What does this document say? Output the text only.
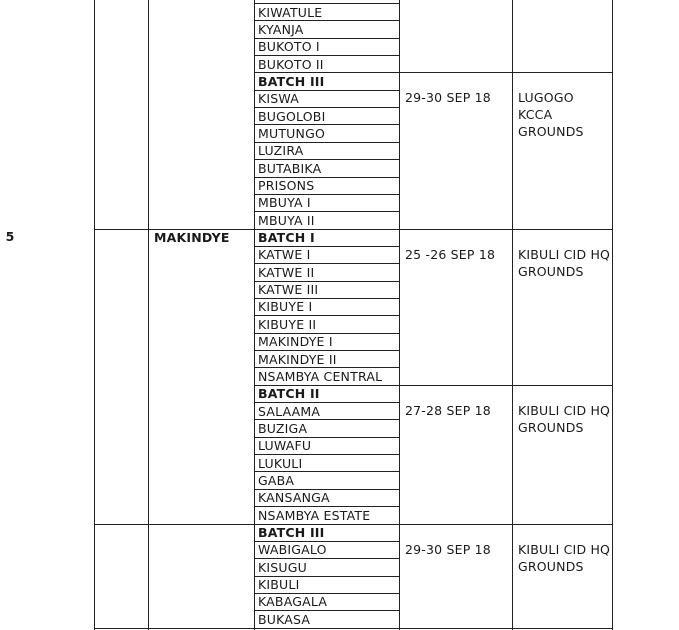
KIWATULE
KYANJA
BUKOTO I
BUKOTO II
BATCH III
KISWA
BUGOLOBI
MUTUNGO
LUZIRA
BUTABIKA
PRISONS
MBUYA I
MBUYA II
29-30 SEP 18 LUGOGO
KCCA
GROUNDS
BATCH I
KATWE I
KATWE II
KATWE III
KIBUYE I
KIBUYE II
MAKINDYE I
MAKINDYE II
NSAMBYA CENTRAL
25 -26 SEP 18 KIBULI CID HQ
GROUNDS
BATCH II
SALAAMA
BUZIGA
LUWAFU
LUKULI
GABA
KANSANGA
NSAMBYA ESTATE
27-28 SEP 18 KIBULI CID HQ
GROUNDS
5	MAKINDYE
BATCH III
WABIGALO
KISUGU
KIBULI
KABAGALA
BUKASA
29-30 SEP 18 KIBULI CID HQ
GROUNDS
